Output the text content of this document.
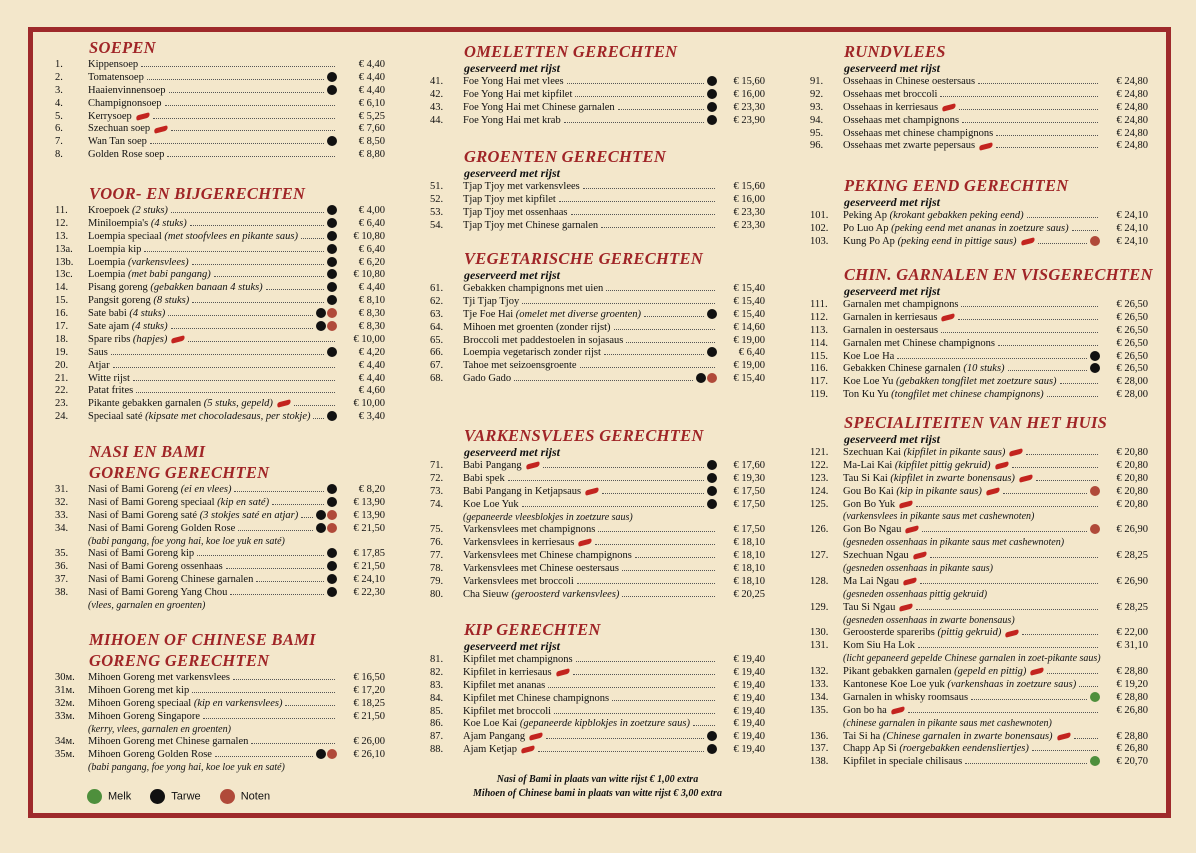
SOEPEN
1.	Kippensoep	€ 4,40
2.	Tomatensoep	€ 4,40
3.	Haaienvinnensoep	€ 4,40
4.	Champignonsoep	€ 6,10
5.	Kerrysoep	€ 5,25
6.	Szechuan soep	€ 7,60
7.	Wan Tan soep	€ 8,50
8.	Golden Rose soep	€ 8,80
VOOR- EN BIJGERECHTEN
11.	Kroepoek (2 stuks)	€ 4,00
12.	Miniloempia's (4 stuks)	€ 6,40
13.	Loempia speciaal (met stoofvlees en pikante saus)	€ 10,80
13a.	Loempia kip	€ 6,40
13b.	Loempia (varkensvlees)	€ 6,20
13c.	Loempia (met babi pangang)	€ 10,80
14.	Pisang goreng (gebakken banaan 4 stuks)	€ 4,40
15.	Pangsit goreng (8 stuks)	€ 8,10
16.	Sate babi (4 stuks)	€ 8,30
17.	Sate ajam (4 stuks)	€ 8,30
18.	Spare ribs (hapjes)	€ 10,00
19.	Saus	€ 4,20
20.	Atjar	€ 4,40
21.	Witte rijst	€ 4,40
22.	Patat frites	€ 4,60
23.	Pikante gebakken garnalen (5 stuks, gepeld)	€ 10,00
24.	Speciaal saté (kipsate met chocoladesaus, per stokje)	€ 3,40
NASI EN BAMI
GORENG GERECHTEN
31.	Nasi of Bami Goreng (ei en vlees)	€ 8,20
32.	Nasi of Bami Goreng speciaal (kip en saté)	€ 13,90
33.	Nasi of Bami Goreng saté (3 stokjes saté en atjar)	€ 13,90
34.	Nasi of Bami Goreng Golden Rose	€ 21,50
(babi pangang, foe yong hai, koe loe yuk en saté)
35.	Nasi of Bami Goreng kip	€ 17,85
36.	Nasi of Bami Goreng ossenhaas	€ 21,50
37.	Nasi of Bami Goreng Chinese garnalen	€ 24,10
38.	Nasi of Bami Goreng Yang Chou	€ 22,30
(vlees, garnalen en groenten)
MIHOEN OF CHINESE BAMI
GORENG GERECHTEN
30м.	Mihoen Goreng met varkensvlees	€ 16,50
31м.	Mihoen Goreng met kip	€ 17,20
32м.	Mihoen Goreng speciaal (kip en varkensvlees)	€ 18,25
33м.	Mihoen Goreng Singapore	€ 21,50
(kerry, vlees, garnalen en groenten)
34м.	Mihoen Goreng met Chinese garnalen	€ 26,00
35м.	Mihoen Goreng Golden Rose	€ 26,10
(babi pangang, foe yong hai, koe loe yuk en saté)
OMELETTEN GERECHTEN
geserveerd met rijst
41.	Foe Yong Hai met vlees	€ 15,60
42.	Foe Yong Hai met kipfilet	€ 16,00
43.	Foe Yong Hai met Chinese garnalen	€ 23,30
44.	Foe Yong Hai met krab	€ 23,90
GROENTEN GERECHTEN
geserveerd met rijst
51.	Tjap Tjoy met varkensvlees	€ 15,60
52.	Tjap Tjoy met kipfilet	€ 16,00
53.	Tjap Tjoy met ossenhaas	€ 23,30
54.	Tjap Tjoy met Chinese garnalen	€ 23,30
VEGETARISCHE GERECHTEN
geserveerd met rijst
61.	Gebakken champignons met uien	€ 15,40
62.	Tji Tjap Tjoy	€ 15,40
63.	Tje Foe Hai (omelet met diverse groenten)	€ 15,40
64.	Mihoen met groenten (zonder rijst)	€ 14,60
65.	Broccoli met paddestoelen in sojasaus	€ 19,00
66.	Loempia vegetarisch zonder rijst	€ 6,40
67.	Tahoe met seizoensgroente	€ 19,00
68.	Gado Gado	€ 15,40
VARKENSVLEES GERECHTEN
geserveerd met rijst
71.	Babi Pangang	€ 17,60
72.	Babi spek	€ 19,30
73.	Babi Pangang in Ketjapsaus	€ 17,50
74.	Koe Loe Yuk	€ 17,50
(gepaneerde vleesblokjes in zoetzure saus)
75.	Varkensvlees met champignons	€ 17,50
76.	Varkensvlees in kerriesaus	€ 18,10
77.	Varkensvlees met Chinese champignons	€ 18,10
78.	Varkensvlees met Chinese oestersaus	€ 18,10
79.	Varkensvlees met broccoli	€ 18,10
80.	Cha Sieuw (geroosterd varkensvlees)	€ 20,25
KIP GERECHTEN
geserveerd met rijst
81.	Kipfilet met champignons	€ 19,40
82.	Kipfilet in kerriesaus	€ 19,40
83.	Kipfilet met ananas	€ 19,40
84.	Kipfilet met Chinese champignons	€ 19,40
85.	Kipfilet met broccoli	€ 19,40
86.	Koe Loe Kai (gepaneerde kipblokjes in zoetzure saus)	€ 19,40
87.	Ajam Pangang	€ 19,40
88.	Ajam Ketjap	€ 19,40
RUNDVLEES
geserveerd met rijst
91.	Ossehaas in Chinese oestersaus	€ 24,80
92.	Ossehaas met broccoli	€ 24,80
93.	Ossehaas in kerriesaus	€ 24,80
94.	Ossehaas met champignons	€ 24,80
95.	Ossehaas met chinese champignons	€ 24,80
96.	Ossehaas met zwarte pepersaus	€ 24,80
PEKING EEND GERECHTEN
geserveerd met rijst
101.	Peking Ap (krokant gebakken peking eend)	€ 24,10
102.	Po Luo Ap (peking eend met ananas in zoetzure saus)	€ 24,10
103.	Kung Po Ap (peking eend in pittige saus)	€ 24,10
CHIN. GARNALEN EN VISGERECHTEN
geserveerd met rijst
111.	Garnalen met champignons	€ 26,50
112.	Garnalen in kerriesaus	€ 26,50
113.	Garnalen in oestersaus	€ 26,50
114.	Garnalen met Chinese champignons	€ 26,50
115.	Koe Loe Ha	€ 26,50
116.	Gebakken Chinese garnalen (10 stuks)	€ 26,50
117.	Koe Loe Yu (gebakken tongfilet met zoetzure saus)	€ 28,00
119.	Ton Ku Yu (tongfilet met chinese champignons)	€ 28,00
SPECIALITEITEN VAN HET HUIS
geserveerd met rijst
121.	Szechuan Kai (kipfilet in pikante saus)	€ 20,80
122.	Ma-Lai Kai (kipfilet pittig gekruid)	€ 20,80
123.	Tau Si Kai (kipfilet in zwarte bonensaus)	€ 20,80
124.	Gou Bo Kai (kip in pikante saus)	€ 20,80
125.	Gon Bo Yuk	€ 20,80
(varkensvlees in pikante saus met cashewnoten)
126.	Gon Bo Ngau	€ 26,90
(gesneden ossenhaas in pikante saus met cashewnoten)
127.	Szechuan Ngau	€ 28,25
(gesneden ossenhaas in pikante saus)
128.	Ma Lai Ngau	€ 26,90
(gesneden ossenhaas pittig gekruid)
129.	Tau Si Ngau	€ 28,25
(gesneden ossenhaas in zwarte bonensaus)
130.	Geroosterde spareribs (pittig gekruid)	€ 22,00
131.	Kom Siu Ha Lok	€ 31,10
(licht gepaneerd gepelde Chinese garnalen in zoet-pikante saus)
132.	Pikant gebakken garnalen (gepeld en pittig)	€ 28,80
133.	Kantonese Koe Loe yuk (varkenshaas in zoetzure saus)	€ 19,20
134.	Garnalen in whisky roomsaus	€ 28,80
135.	Gon bo ha	€ 26,80
(chinese garnalen in pikante saus met cashewnoten)
136.	Tai Si ha (Chinese garnalen in zwarte bonensaus)	€ 28,80
137.	Chapp Ap Si (roergebakken eendensliertjes)	€ 26,80
138.	Kipfilet in speciale chilisaus	€ 20,70
Nasi of Bami in plaats van witte rijst € 1,00 extra
Mihoen of Chinese bami in plaats van witte rijst € 3,00 extra
Melk	Tarwe	Noten
